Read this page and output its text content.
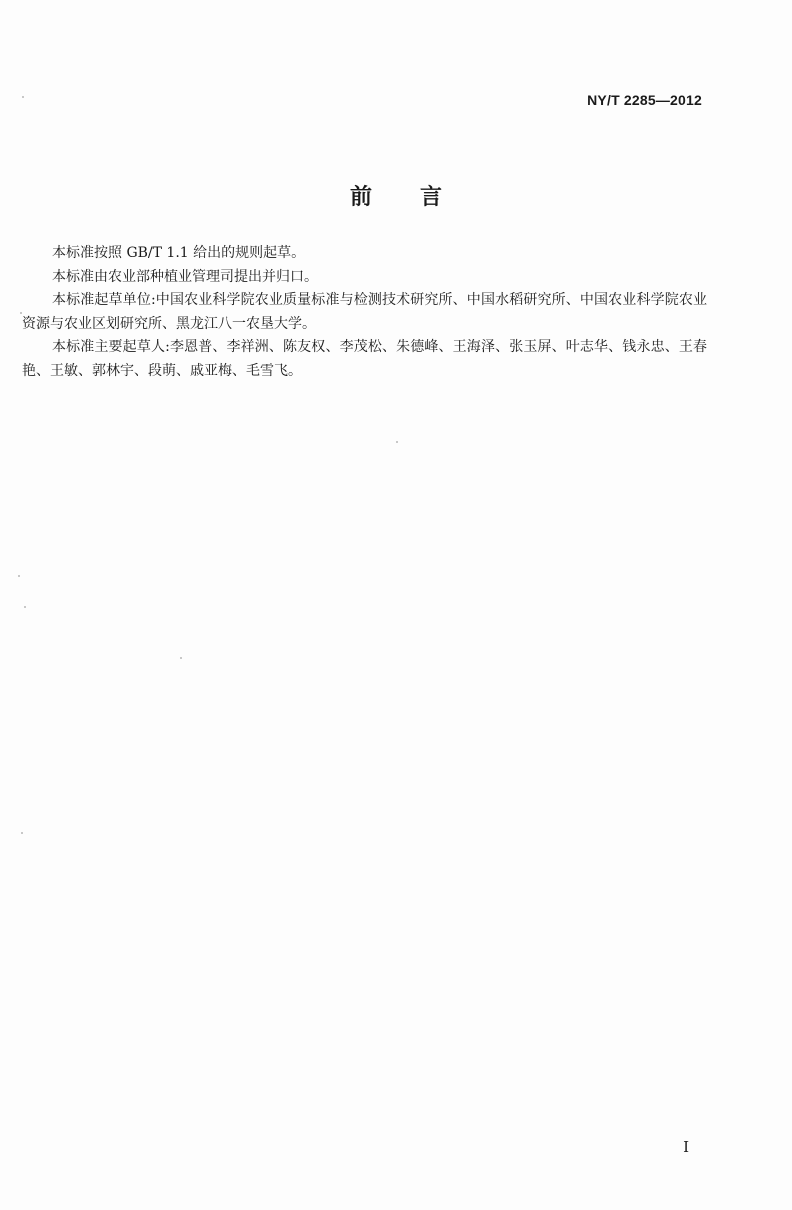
NY/T 2285—2012
前言

本标准按照 GB/T 1.1 给出的规则起草。

本标准由农业部种植业管理司提出并归口。

本标准起草单位:中国农业科学院农业质量标准与检测技术研究所、中国水稻研究所、中国农业科学院农业资源与农业区划研究所、黑龙江八一农垦大学。

本标准主要起草人:李恩普、李祥洲、陈友权、李茂松、朱德峰、王海泽、张玉屏、叶志华、钱永忠、王春艳、王敏、郭林宇、段萌、戚亚梅、毛雪飞。

I
